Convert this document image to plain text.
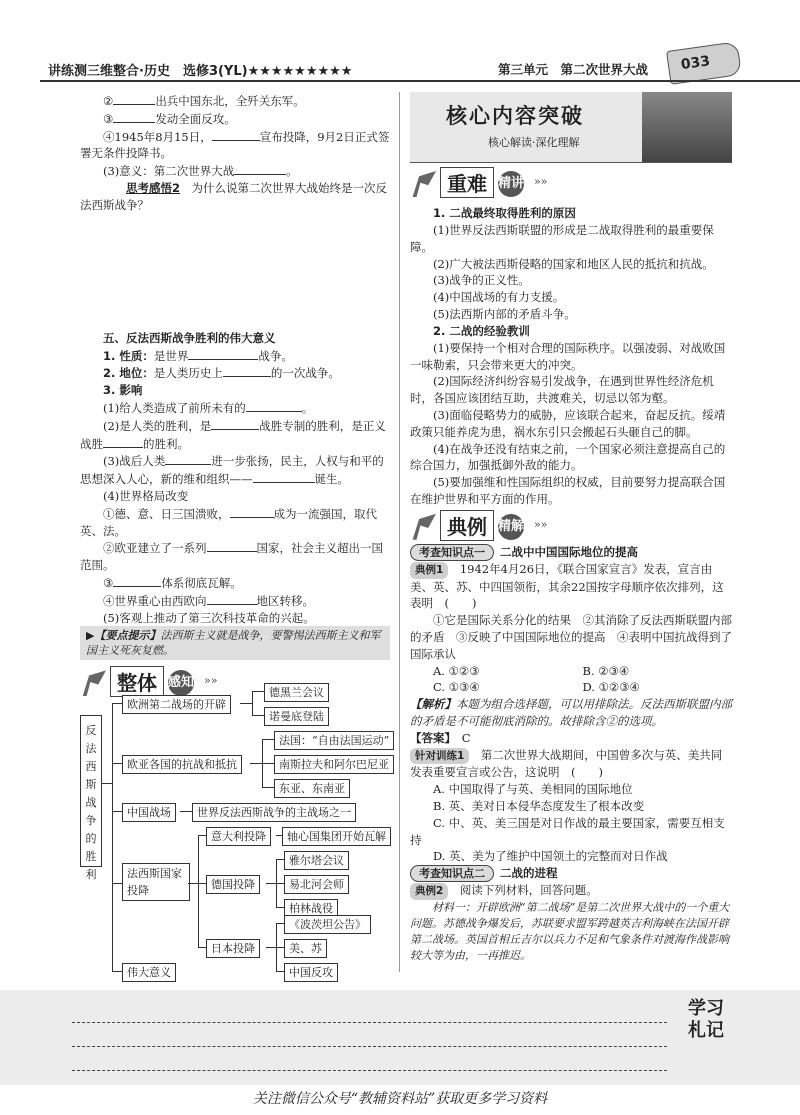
讲练测三维整合·历史　选修3(YL)★★★★★★★★★	第三单元　第二次世界大战 033

②	出兵中国东北，全歼关东军。

③	发动全面反攻。

④1945年8月15日，	宣布投降，9月2日正式签署无条件投降书。

(3)意义：第二次世界大战	。

思考感悟2　 为什么说第二次世界大战始终是一次反法西斯战争？

五、反法西斯战争胜利的伟大意义

1. 性质：是世界	战争。

2. 地位：是人类历史上	的一次战争。

3. 影响

(1)给人类造成了前所未有的	。

(2)是人类的胜利，是	战胜专制的胜利，是正义战胜	的胜利。

(3)战后人类	进一步张扬，民主，人权与和平的思想深入人心，新的维和组织——	诞生。

(4)世界格局改变

①德、意、日三国溃败，	成为一流强国，取代英、法。

②欧亚建立了一系列	国家，社会主义超出一国范围。

③	体系彻底瓦解。

④世界重心由西欧向	地区转移。

(5)客观上推动了第三次科技革命的兴起。

▶【要点提示】法西斯主义就是战争，要警惕法西斯主义和军国主义死灰复燃。
整体 感知 »»
反法西斯战争的胜利
欧洲第二战场的开辟
德黑兰会议
诺曼底登陆
欧亚各国的抗战和抵抗
法国：“自由法国运动”
南斯拉夫和阿尔巴尼亚
东亚、东南亚
中国战场	世界反法西斯战争的主战场之一
法西斯国家投降
意大利投降	轴心国集团开始瓦解
德国投降
雅尔塔会议
易北河会师
柏林战役
日本投降
《波茨坦公告》
美、苏
中国反攻
伟大意义
核心内容突破
核心解读·深化理解
重难 精讲 »»

1. 二战最终取得胜利的原因

(1)世界反法西斯联盟的形成是二战取得胜利的最重要保障。

(2)广大被法西斯侵略的国家和地区人民的抵抗和抗战。

(3)战争的正义性。

(4)中国战场的有力支援。

(5)法西斯内部的矛盾斗争。

2. 二战的经验教训

(1)要保持一个相对合理的国际秩序。以强凌弱、对战败国一味勒索，只会带来更大的冲突。

(2)国际经济纠纷容易引发战争，在遇到世界性经济危机时，各国应该团结互助，共渡难关，切忌以邻为壑。

(3)面临侵略势力的威胁，应该联合起来，奋起反抗。绥靖政策只能养虎为患，祸水东引只会搬起石头砸自己的脚。

(4)在战争还没有结束之前，一个国家必须注意提高自己的综合国力，加强抵御外敌的能力。

(5)要加强维和性国际组织的权威，目前要努力提高联合国在维护世界和平方面的作用。

典例 精解 »»

考查知识点一 二战中中国国际地位的提高

典例1　 1942年4月26日，《联合国家宣言》发表，宣言由美、英、苏、中四国领衔，其余22国按字母顺序依次排列，这表明　 (　　)

①它是国际关系分化的结果　②其消除了反法西斯联盟内部的矛盾　③反映了中国国际地位的提高　④表明中国抗战得到了国际承认

A. ①②③	B. ②③④
C. ①③④	D. ①②③④

【解析】本题为组合选择题，可以用排除法。反法西斯联盟内部的矛盾是不可能彻底消除的。故排除含②的选项。

【答案】　 C

针对训练1　 第二次世界大战期间，中国曾多次与英、美共同发表重要宣言或公告，这说明　 (　　)

A. 中国取得了与英、美相同的国际地位

B. 英、美对日本侵华态度发生了根本改变

C. 中、英、美三国是对日作战的最主要国家，需要互相支持

D. 英、美为了维护中国领土的完整而对日作战

考查知识点二 二战的进程

典例2　 阅读下列材料，回答问题。

材料一：开辟欧洲“第二战场”是第二次世界大战中的一个重大问题。苏德战争爆发后，苏联要求盟军跨越英吉利海峡在法国开辟第二战场。英国首相丘吉尔以兵力不足和气象条件对渡海作战影响较大等为由，一再推迟。

学习札记
关注微信公众号“教辅资料站”获取更多学习资料
